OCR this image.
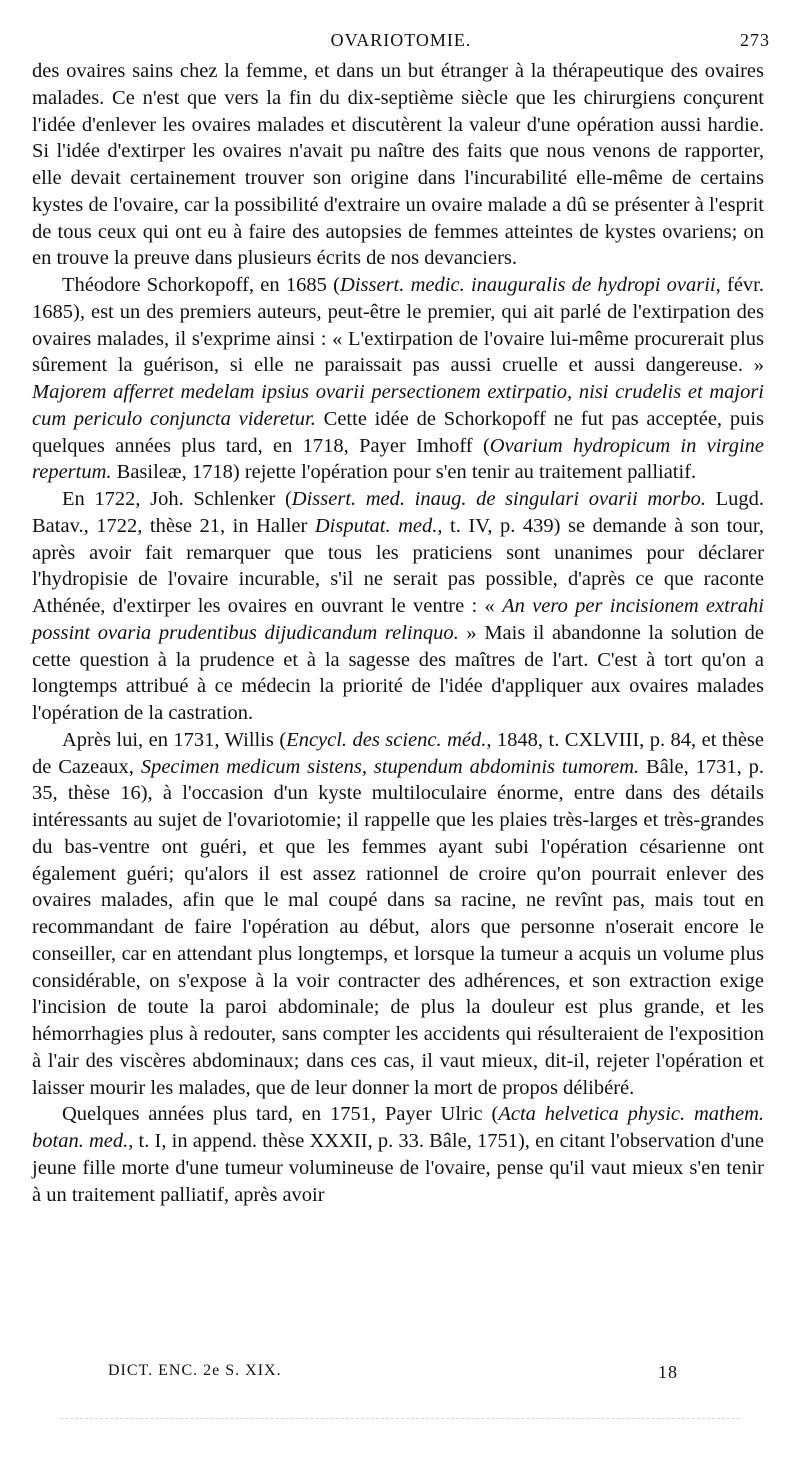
OVARIOTOMIE.	273

des ovaires sains chez la femme, et dans un but étranger à la thérapeutique des ovaires malades. Ce n'est que vers la fin du dix-septième siècle que les chirurgiens conçurent l'idée d'enlever les ovaires malades et discutèrent la valeur d'une opération aussi hardie. Si l'idée d'extirper les ovaires n'avait pu naître des faits que nous venons de rapporter, elle devait certainement trouver son origine dans l'incurabilité elle-même de certains kystes de l'ovaire, car la possibilité d'extraire un ovaire malade a dû se présenter à l'esprit de tous ceux qui ont eu à faire des autopsies de femmes atteintes de kystes ovariens; on en trouve la preuve dans plusieurs écrits de nos devanciers.

Théodore Schorkopoff, en 1685 (Dissert. medic. inauguralis de hydropi ovarii, févr. 1685), est un des premiers auteurs, peut-être le premier, qui ait parlé de l'extirpation des ovaires malades, il s'exprime ainsi : « L'extirpation de l'ovaire lui-même procurerait plus sûrement la guérison, si elle ne paraissait pas aussi cruelle et aussi dangereuse. » Majorem afferret medelam ipsius ovarii persectionem extirpatio, nisi crudelis et majori cum periculo conjuncta videretur. Cette idée de Schorkopoff ne fut pas acceptée, puis quelques années plus tard, en 1718, Payer Imhoff (Ovarium hydropicum in virgine repertum. Basileæ, 1718) rejette l'opération pour s'en tenir au traitement palliatif.

En 1722, Joh. Schlenker (Dissert. med. inaug. de singulari ovarii morbo. Lugd. Batav., 1722, thèse 21, in Haller Disputat. med., t. IV, p. 439) se demande à son tour, après avoir fait remarquer que tous les praticiens sont unanimes pour déclarer l'hydropisie de l'ovaire incurable, s'il ne serait pas possible, d'après ce que raconte Athénée, d'extirper les ovaires en ouvrant le ventre : « An vero per incisionem extrahi possint ovaria prudentibus dijudicandum relinquo. » Mais il abandonne la solution de cette question à la prudence et à la sagesse des maîtres de l'art. C'est à tort qu'on a longtemps attribué à ce médecin la priorité de l'idée d'appliquer aux ovaires malades l'opération de la castration.

Après lui, en 1731, Willis (Encycl. des scienc. méd., 1848, t. CXLVIII, p. 84, et thèse de Cazeaux, Specimen medicum sistens, stupendum abdominis tumorem. Bâle, 1731, p. 35, thèse 16), à l'occasion d'un kyste multiloculaire énorme, entre dans des détails intéressants au sujet de l'ovariotomie; il rappelle que les plaies très-larges et très-grandes du bas-ventre ont guéri, et que les femmes ayant subi l'opération césarienne ont également guéri; qu'alors il est assez rationnel de croire qu'on pourrait enlever des ovaires malades, afin que le mal coupé dans sa racine, ne revînt pas, mais tout en recommandant de faire l'opération au début, alors que personne n'oserait encore le conseiller, car en attendant plus longtemps, et lorsque la tumeur a acquis un volume plus considérable, on s'expose à la voir contracter des adhérences, et son extraction exige l'incision de toute la paroi abdominale; de plus la douleur est plus grande, et les hémorrhagies plus à redouter, sans compter les accidents qui résulteraient de l'exposition à l'air des viscères abdominaux; dans ces cas, il vaut mieux, dit-il, rejeter l'opération et laisser mourir les malades, que de leur donner la mort de propos délibéré.

Quelques années plus tard, en 1751, Payer Ulric (Acta helvetica physic. mathem. botan. med., t. I, in append. thèse XXXII, p. 33. Bâle, 1751), en citant l'observation d'une jeune fille morte d'une tumeur volumineuse de l'ovaire, pense qu'il vaut mieux s'en tenir à un traitement palliatif, après avoir

DICT. ENC. 2e S. XIX.	18
